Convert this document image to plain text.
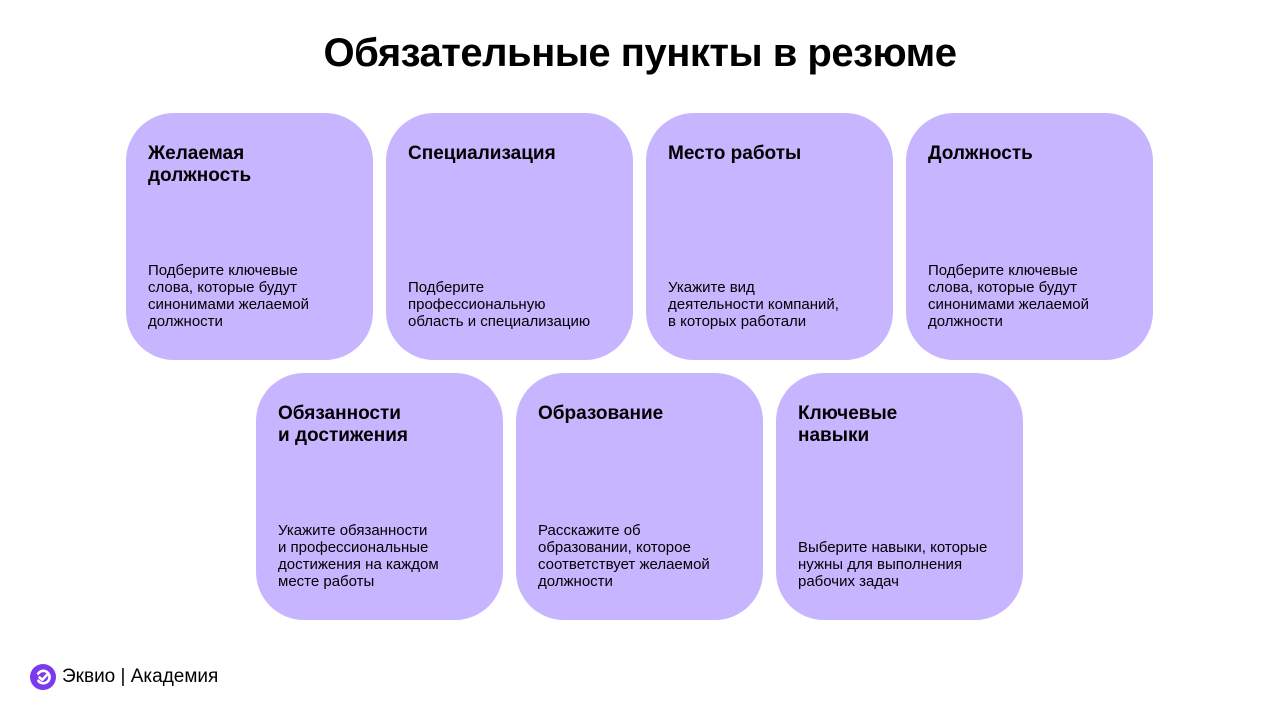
Обязательные пункты в резюме
Желаемая
должность
Подберите ключевые
слова, которые будут
синонимами желаемой
должности
Специализация
Подберите
профессиональную
область и специализацию
Место работы
Укажите вид
деятельности компаний,
в которых работали
Должность
Подберите ключевые
слова, которые будут
синонимами желаемой
должности
Обязанности
и достижения
Укажите обязанности
и профессиональные
достижения на каждом
месте работы
Образование
Расскажите об
образовании, которое
соответствует желаемой
должности
Ключевые
навыки
Выберите навыки, которые
нужны для выполнения
рабочих задач
Эквио | Академия
